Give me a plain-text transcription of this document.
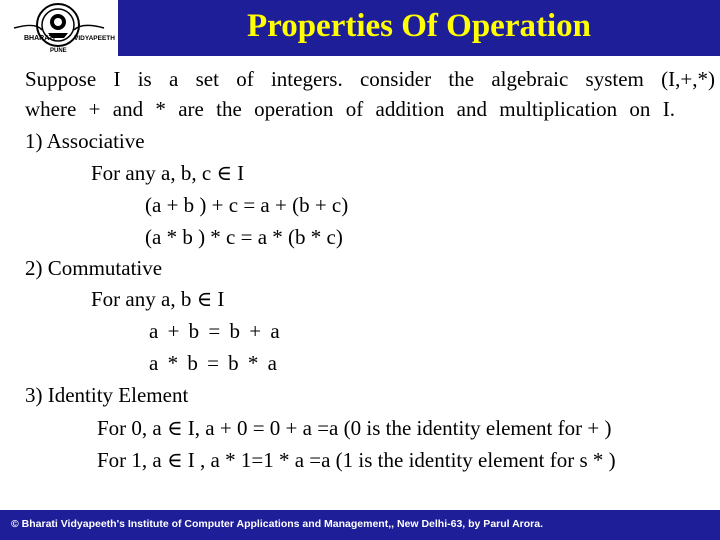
BHARATI	VIDYAPEETH
PUNE
Properties Of Operation
Suppose I is a set of integers. consider the algebraic system (I,+,*)
where + and * are the operation of addition and multiplication on I.
1) Associative
For any a, b, c ∈ I
(a + b ) + c = a + (b + c)
(a * b ) * c = a * (b * c)
2) Commutative
For any a, b ∈ I
a + b = b + a
a * b = b * a
3) Identity Element
For 0, a ∈ I, a + 0 = 0 + a =a (0 is the identity element for + )
For 1, a ∈ I , a * 1=1 * a =a (1 is the identity element for s * )
© Bharati Vidyapeeth's Institute of Computer Applications and Management,, New Delhi-63, by Parul Arora.
